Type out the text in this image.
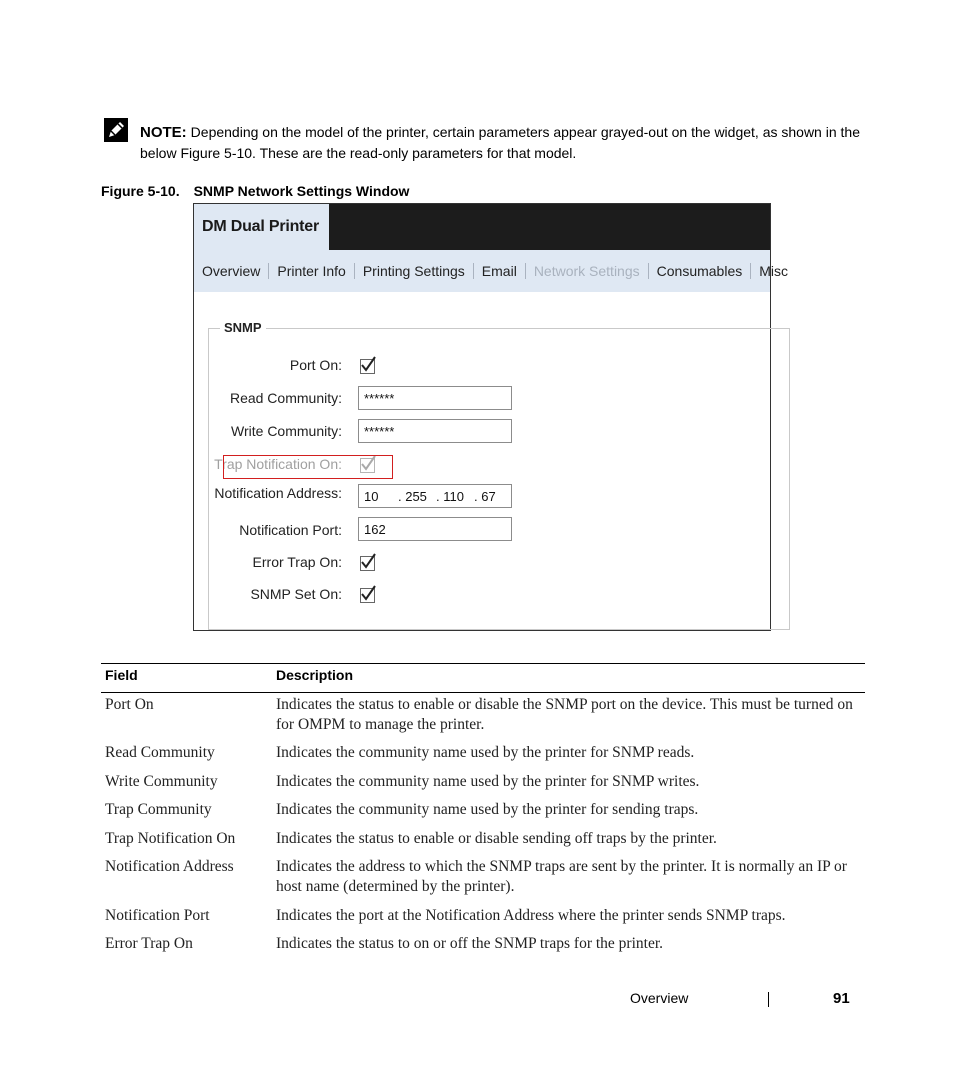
NOTE: Depending on the model of the printer, certain parameters appear grayed-out on the widget, as shown in the below Figure 5-10. These are the read-only parameters for that model.
Figure 5-10. SNMP Network Settings Window
DM Dual Printer
Overview	Printer Info	Printing Settings	Email	Network Settings	Consumables	Misc
SNMP
Port On:
Read Community:	******
Write Community:	******
Trap Notification On:
Notification Address:	10 . 255 . 110 . 67
Notification Port:	162
Error Trap On:
SNMP Set On:
Field	Description
Port On	Indicates the status to enable or disable the SNMP port on the device. This must be turned on for OMPM to manage the printer.
Read Community	Indicates the community name used by the printer for SNMP reads.
Write Community	Indicates the community name used by the printer for SNMP writes.
Trap Community	Indicates the community name used by the printer for sending traps.
Trap Notification On	Indicates the status to enable or disable sending off traps by the printer.
Notification Address	Indicates the address to which the SNMP traps are sent by the printer. It is normally an IP or host name (determined by the printer).
Notification Port	Indicates the port at the Notification Address where the printer sends SNMP traps.
Error Trap On	Indicates the status to on or off the SNMP traps for the printer.
Overview	91
